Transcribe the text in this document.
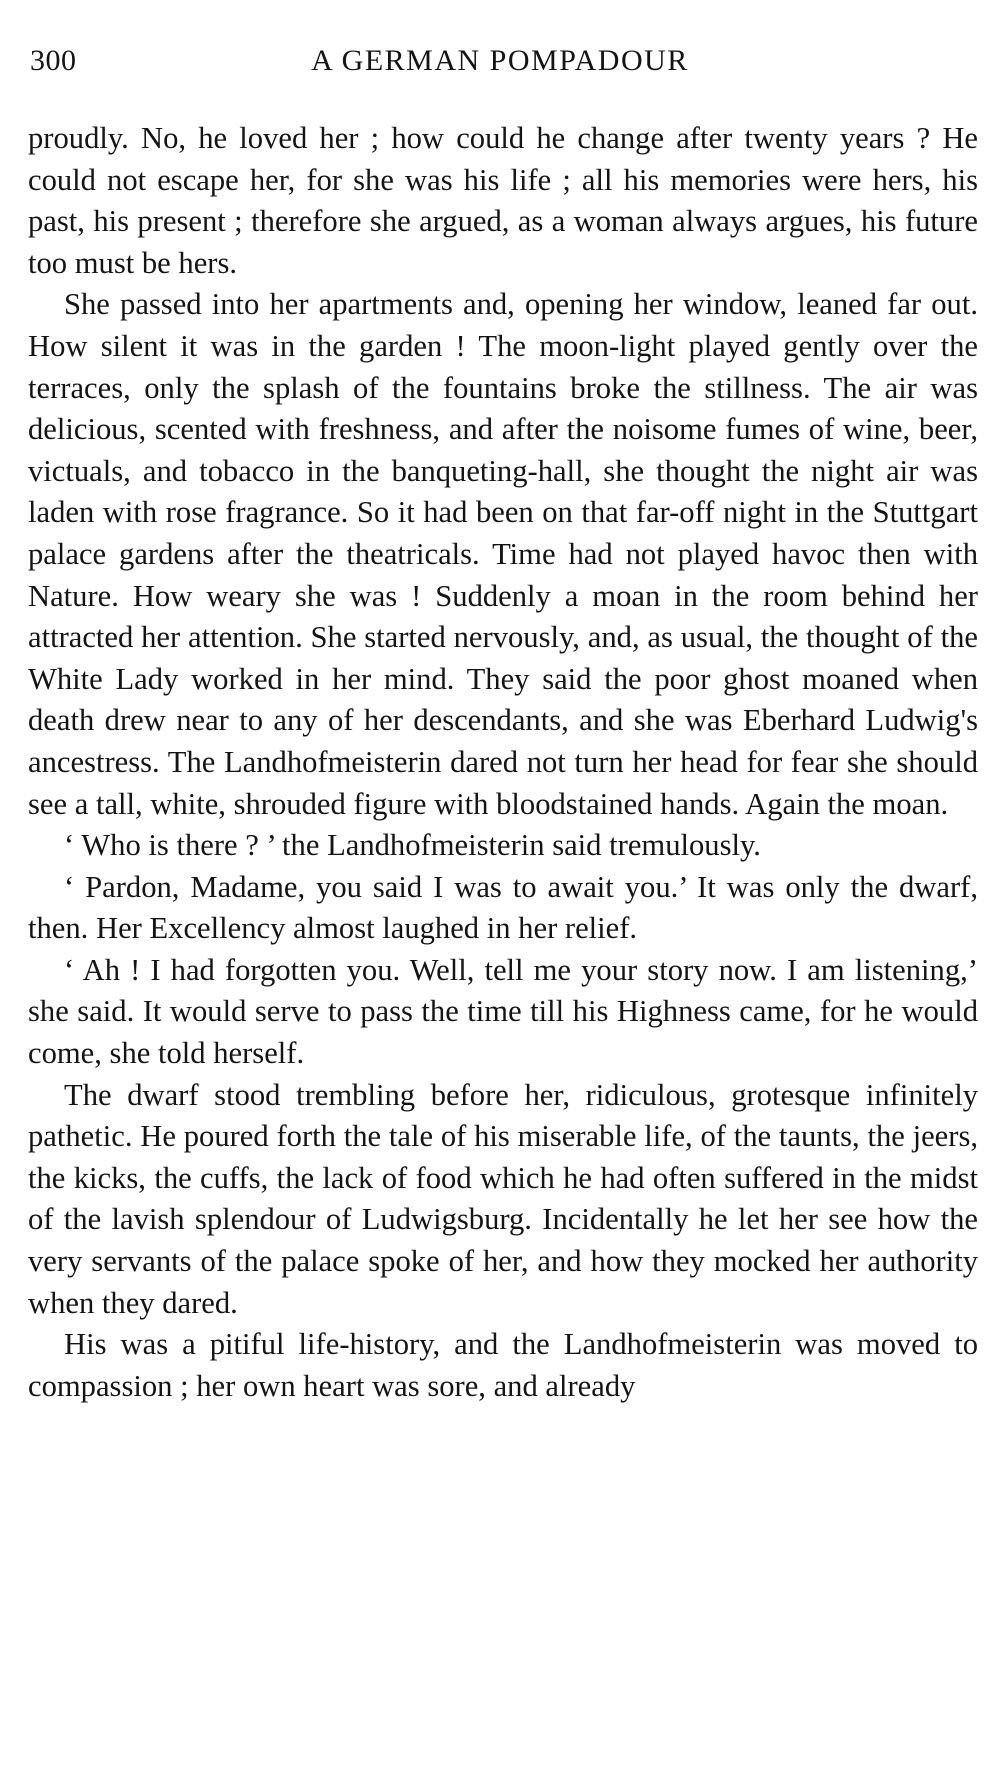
300	A GERMAN POMPADOUR

proudly. No, he loved her ; how could he change after twenty years ? He could not escape her, for she was his life ; all his memories were hers, his past, his present ; therefore she argued, as a woman always argues, his future too must be hers.

She passed into her apartments and, opening her window, leaned far out. How silent it was in the garden ! The moon-light played gently over the terraces, only the splash of the fountains broke the stillness. The air was delicious, scented with freshness, and after the noisome fumes of wine, beer, victuals, and tobacco in the banqueting-hall, she thought the night air was laden with rose fragrance. So it had been on that far-off night in the Stuttgart palace gardens after the theatricals. Time had not played havoc then with Nature. How weary she was ! Suddenly a moan in the room behind her attracted her attention. She started nervously, and, as usual, the thought of the White Lady worked in her mind. They said the poor ghost moaned when death drew near to any of her descendants, and she was Eberhard Ludwig's ancestress. The Landhofmeisterin dared not turn her head for fear she should see a tall, white, shrouded figure with bloodstained hands. Again the moan.

‘ Who is there ? ’ the Landhofmeisterin said tremulously.

‘ Pardon, Madame, you said I was to await you.’ It was only the dwarf, then. Her Excellency almost laughed in her relief.

‘ Ah ! I had forgotten you. Well, tell me your story now. I am listening,’ she said. It would serve to pass the time till his Highness came, for he would come, she told herself.

The dwarf stood trembling before her, ridiculous, grotesque infinitely pathetic. He poured forth the tale of his miserable life, of the taunts, the jeers, the kicks, the cuffs, the lack of food which he had often suffered in the midst of the lavish splendour of Ludwigsburg. Incidentally he let her see how the very servants of the palace spoke of her, and how they mocked her authority when they dared.

His was a pitiful life-history, and the Landhofmeisterin was moved to compassion ; her own heart was sore, and already
